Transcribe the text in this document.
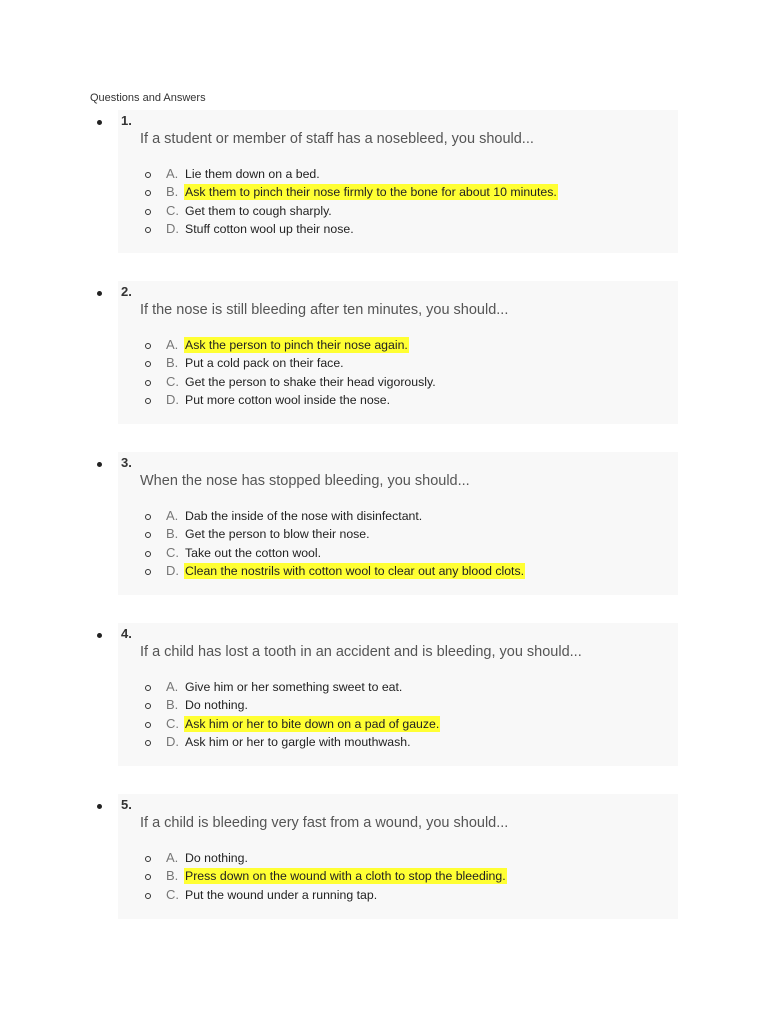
Questions and Answers
If a student or member of staff has a nosebleed, you should...
A. Lie them down on a bed.
B. Ask them to pinch their nose firmly to the bone for about 10 minutes.
C. Get them to cough sharply.
D. Stuff cotton wool up their nose.
1.
If the nose is still bleeding after ten minutes, you should...
A. Ask the person to pinch their nose again.
B. Put a cold pack on their face.
C. Get the person to shake their head vigorously.
D. Put more cotton wool inside the nose.
2.
When the nose has stopped bleeding, you should...
A. Dab the inside of the nose with disinfectant.
B. Get the person to blow their nose.
C. Take out the cotton wool.
D. Clean the nostrils with cotton wool to clear out any blood clots.
3.
If a child has lost a tooth in an accident and is bleeding, you should...
A. Give him or her something sweet to eat.
B. Do nothing.
C. Ask him or her to bite down on a pad of gauze.
D. Ask him or her to gargle with mouthwash.
4.
If a child is bleeding very fast from a wound, you should...
A. Do nothing.
B. Press down on the wound with a cloth to stop the bleeding.
C. Put the wound under a running tap.
5.
